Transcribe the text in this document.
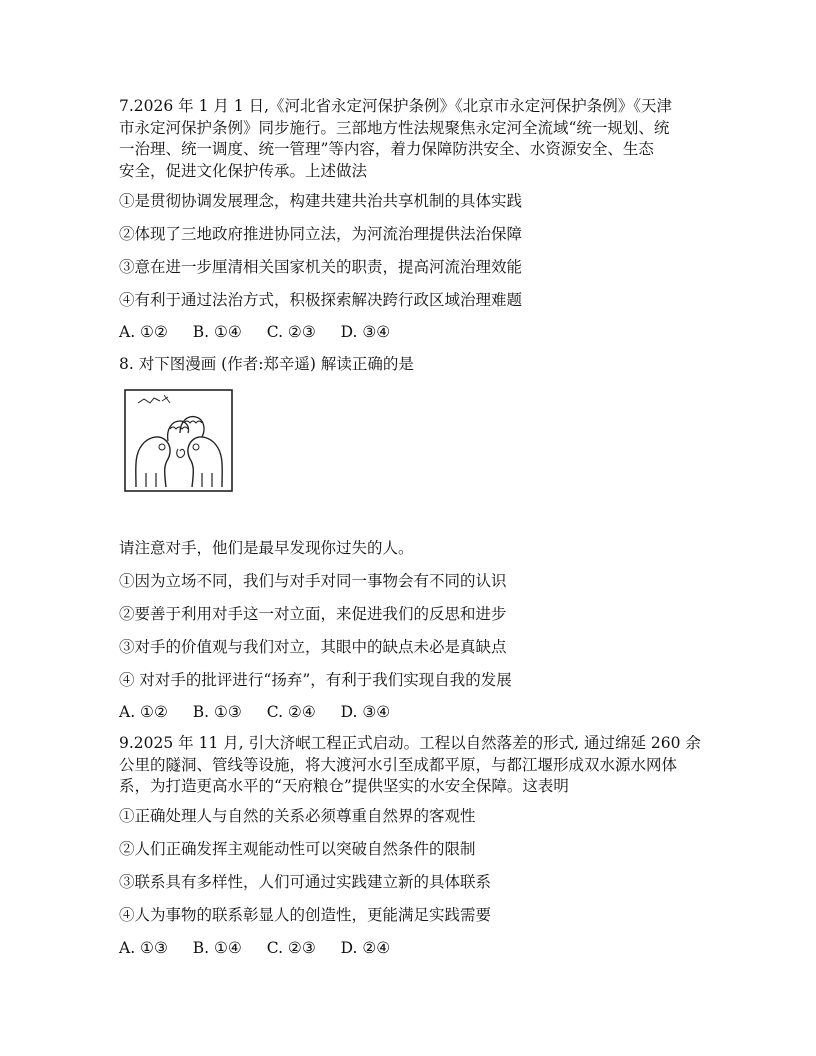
7.2026 年 1 月 1 日,《河北省永定河保护条例》《北京市永定河保护条例》《天津
市永定河保护条例》同步施行。三部地方性法规聚焦永定河全流域“统一规划、统
一治理、统一调度、统一管理”等内容，着力保障防洪安全、水资源安全、生态
安全，促进文化保护传承。上述做法
①是贯彻协调发展理念，构建共建共治共享机制的具体实践
②体现了三地政府推进协同立法，为河流治理提供法治保障
③意在进一步厘清相关国家机关的职责，提高河流治理效能
④有利于通过法治方式，积极探索解决跨行政区域治理难题
A. ①② B. ①④ C. ②③ D. ③④
8. 对下图漫画 (作者:郑辛遥) 解读正确的是
请注意对手，他们是最早发现你过失的人。
①因为立场不同，我们与对手对同一事物会有不同的认识
②要善于利用对手这一对立面，来促进我们的反思和进步
③对手的价值观与我们对立，其眼中的缺点未必是真缺点
④ 对对手的批评进行“扬弃”，有利于我们实现自我的发展
A. ①② B. ①③ C. ②④ D. ③④
9.2025 年 11 月, 引大济岷工程正式启动。工程以自然落差的形式, 通过绵延 260 余
公里的隧洞、管线等设施，将大渡河水引至成都平原，与都江堰形成双水源水网体
系，为打造更高水平的“天府粮仓”提供坚实的水安全保障。这表明
①正确处理人与自然的关系必须尊重自然界的客观性
②人们正确发挥主观能动性可以突破自然条件的限制
③联系具有多样性，人们可通过实践建立新的具体联系
④人为事物的联系彰显人的创造性，更能满足实践需要
A. ①③ B. ①④ C. ②③ D. ②④
